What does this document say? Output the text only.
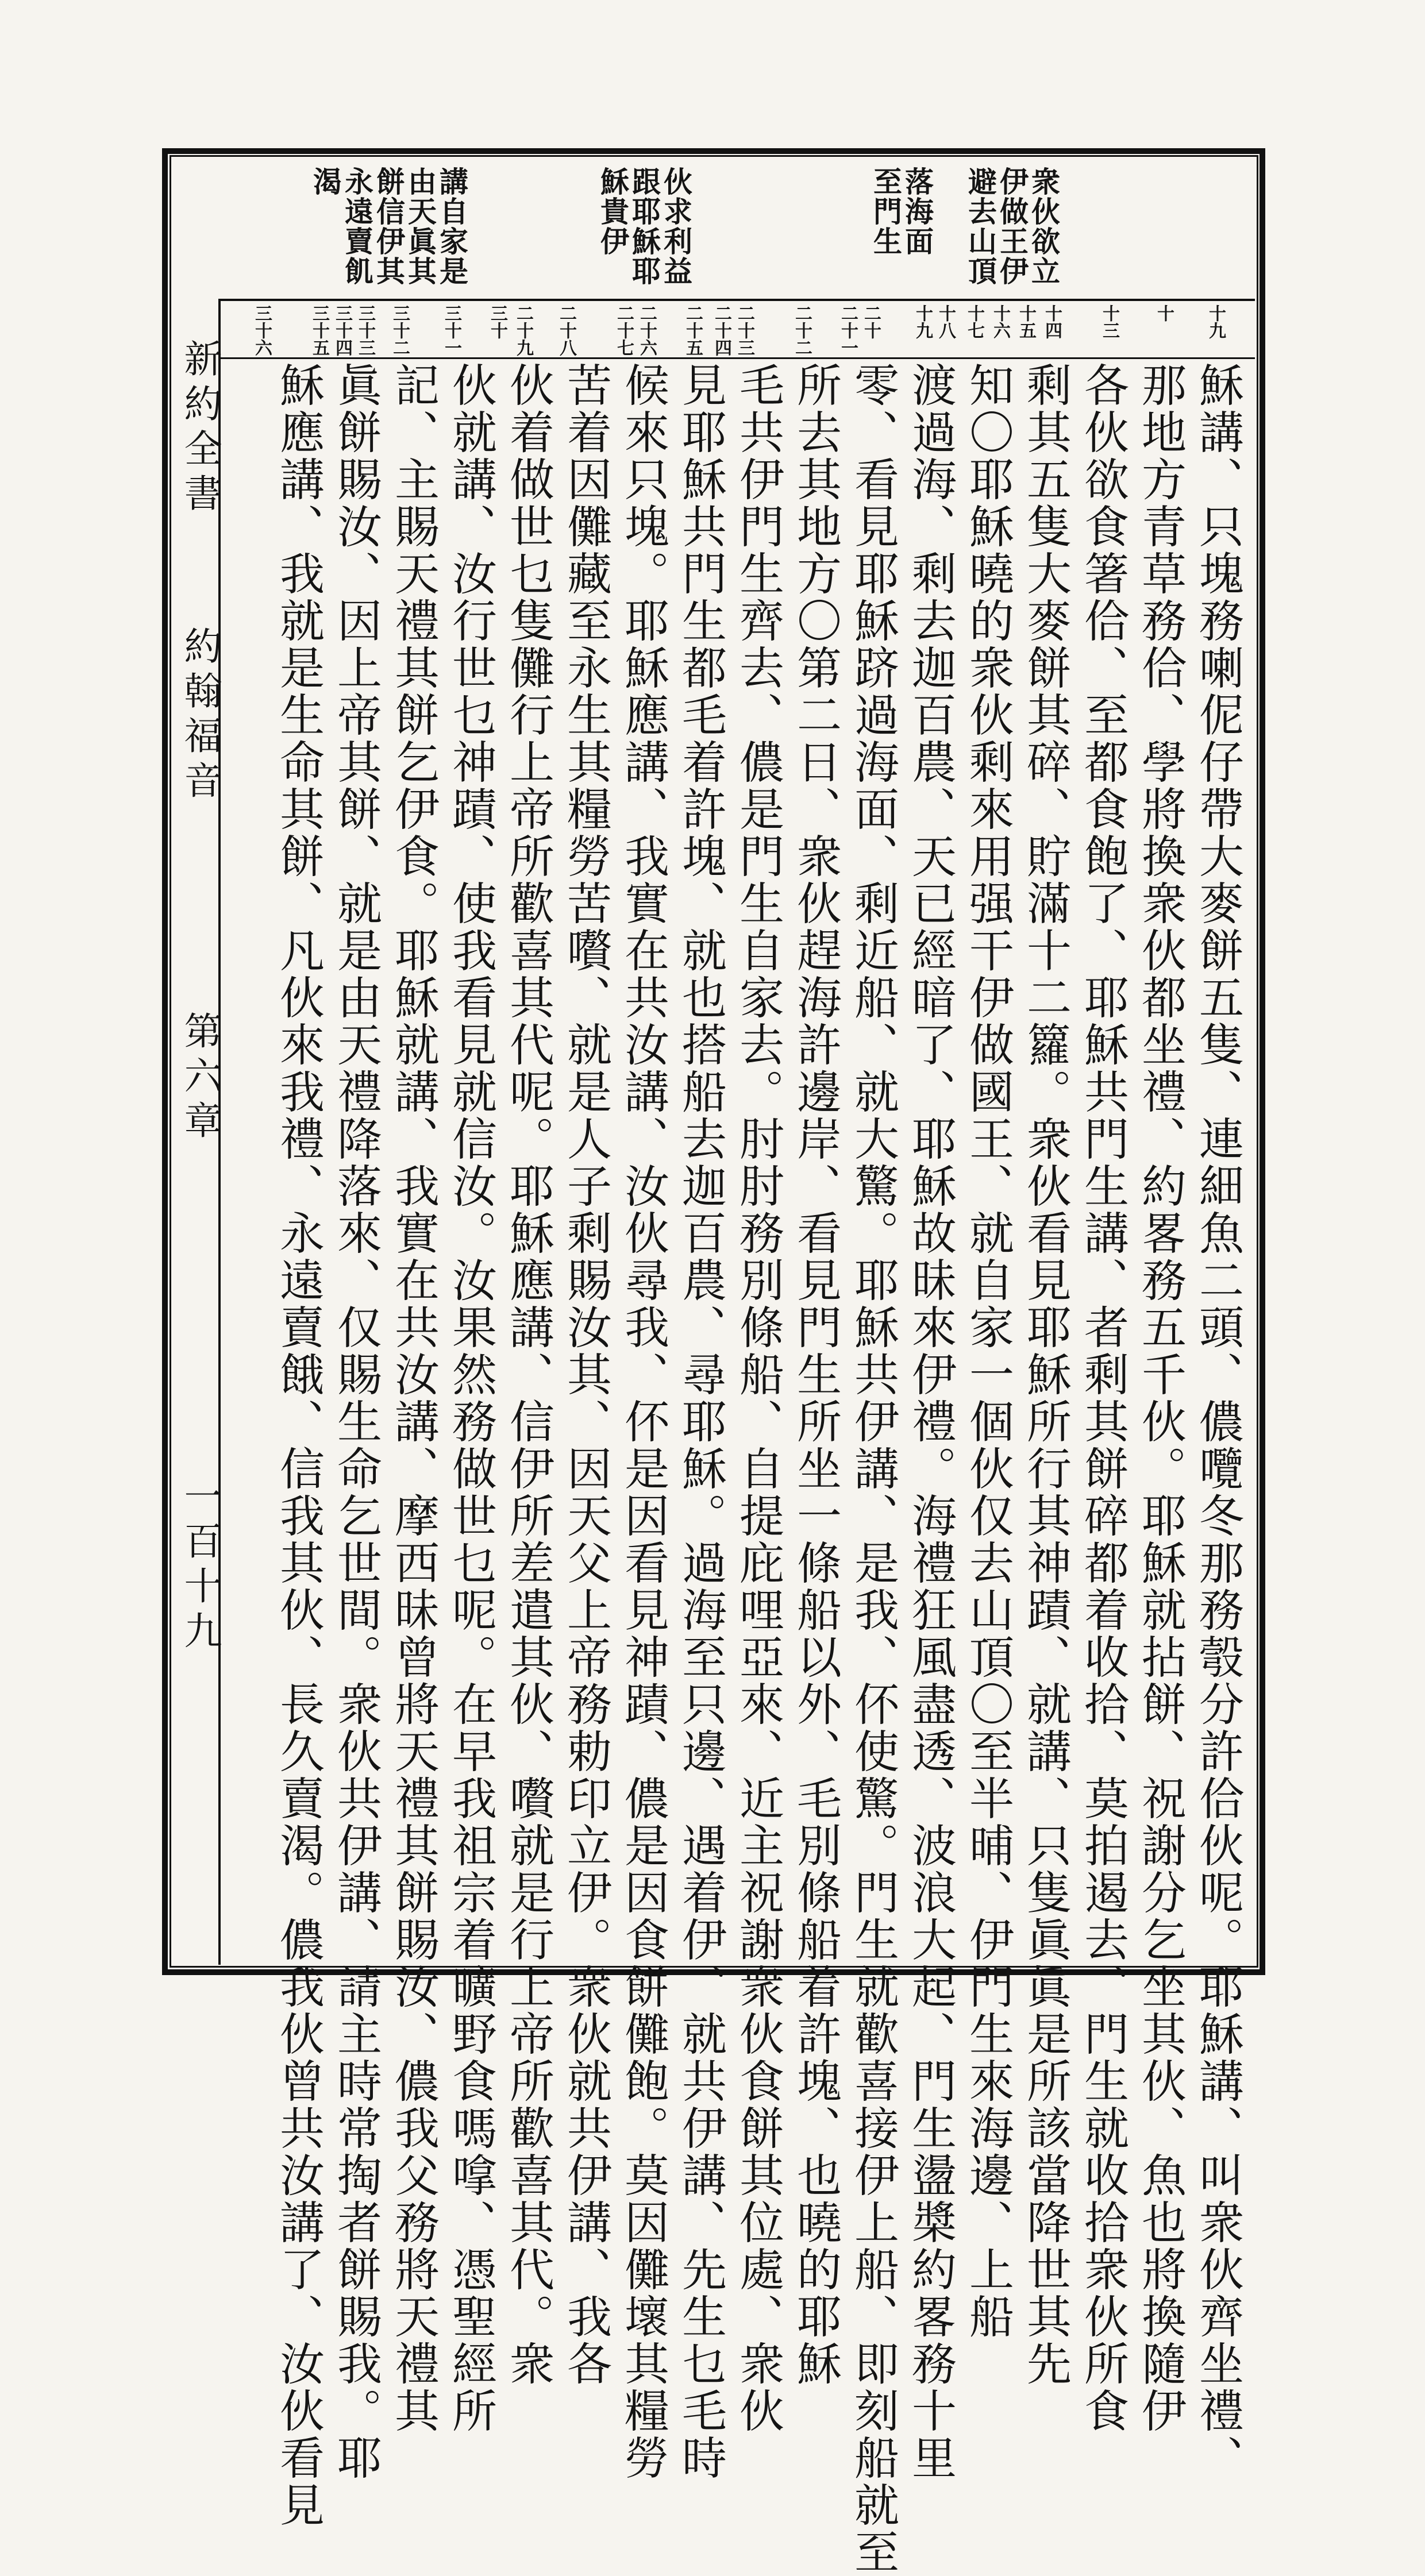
新約全書
約翰福音
第六章
一百十九
衆伙欲立
伊做王伊
避去山頂
落海面
至門生
伙求利益
跟耶穌耶
穌貴伊
講自家是
由天眞其
餅信伊其
永遠賣飢
渴
十九
十
十三
十四
十五
十六
十七
十八
十九
二十
二十一
二十二
二十三
二十四
二十五
二十六
二十七
二十八
二十九
三十
三十一
三十二
三十三
三十四
三十五
三十六
穌講、只塊務喇伲仔帶大麥餅五隻、連細魚二頭、儂囕冬那務彀分許佮伙呢。耶穌講、叫衆伙齊坐禮、
那地方青草務佮、學將換衆伙都坐禮、約畧務五千伙。耶穌就拈餅、祝謝分乞坐其伙、魚也將換隨伊
各伙欲食箸佮、至都食飽了、耶穌共門生講、者剩其餅碎都着收拾、莫拍遏去、門生就收拾衆伙所食
剩其五隻大麥餅其碎、貯滿十二籮。衆伙看見耶穌所行其神蹟、就講、只隻眞眞是所該當降世其先
知〇耶穌曉的衆伙剩來用强干伊做國王、就自家一個伙仅去山頂〇至半晡、伊門生來海邊、上船
渡過海、剩去迦百農、天已經暗了、耶穌故昧來伊禮。海禮狂風盡透、波浪大起、門生盪槳約畧務十里
零、看見耶穌跻過海面、剩近船、就大驚。耶穌共伊講、是我、伓使驚。門生就歡喜接伊上船、即刻船就至
所去其地方〇第二日、衆伙趕海許邊岸、看見門生所坐一條船以外、毛別條船着許塊、也曉的耶穌
毛共伊門生齊去、儂是門生自家去。肘肘務別條船、自提庇哩亞來、近主祝謝衆伙食餅其位處、衆伙
見耶穌共門生都毛着許塊、就也搭船去迦百農、尋耶穌。過海至只邊、遇着伊、就共伊講、先生乜毛時
候來只塊。耶穌應講、我實在共汝講、汝伙尋我、伓是因看見神蹟、儂是因食餅儺飽。莫因儺壞其糧勞
苦着因儺藏至永生其糧勞苦嚽、就是人子剩賜汝其、因天父上帝務勅印立伊。衆伙就共伊講、我各
伙着做世乜隻儺行上帝所歡喜其代呢。耶穌應講、信伊所差遣其伙、嚽就是行上帝所歡喜其代。衆
伙就講、汝行世乜神蹟、使我看見就信汝。汝果然務做世乜呢。在早我祖宗着曠野食嗎嗱、憑聖經所
記、主賜天禮其餅乞伊食。耶穌就講、我實在共汝講、摩西昧曾將天禮其餅賜汝、儂我父務將天禮其
眞餅賜汝、因上帝其餅、就是由天禮降落來、仅賜生命乞世間。衆伙共伊講、請主時常掏者餅賜我。耶
穌應講、我就是生命其餅、凡伙來我禮、永遠賣餓、信我其伙、長久賣渴。儂我伙曾共汝講了、汝伙看見
